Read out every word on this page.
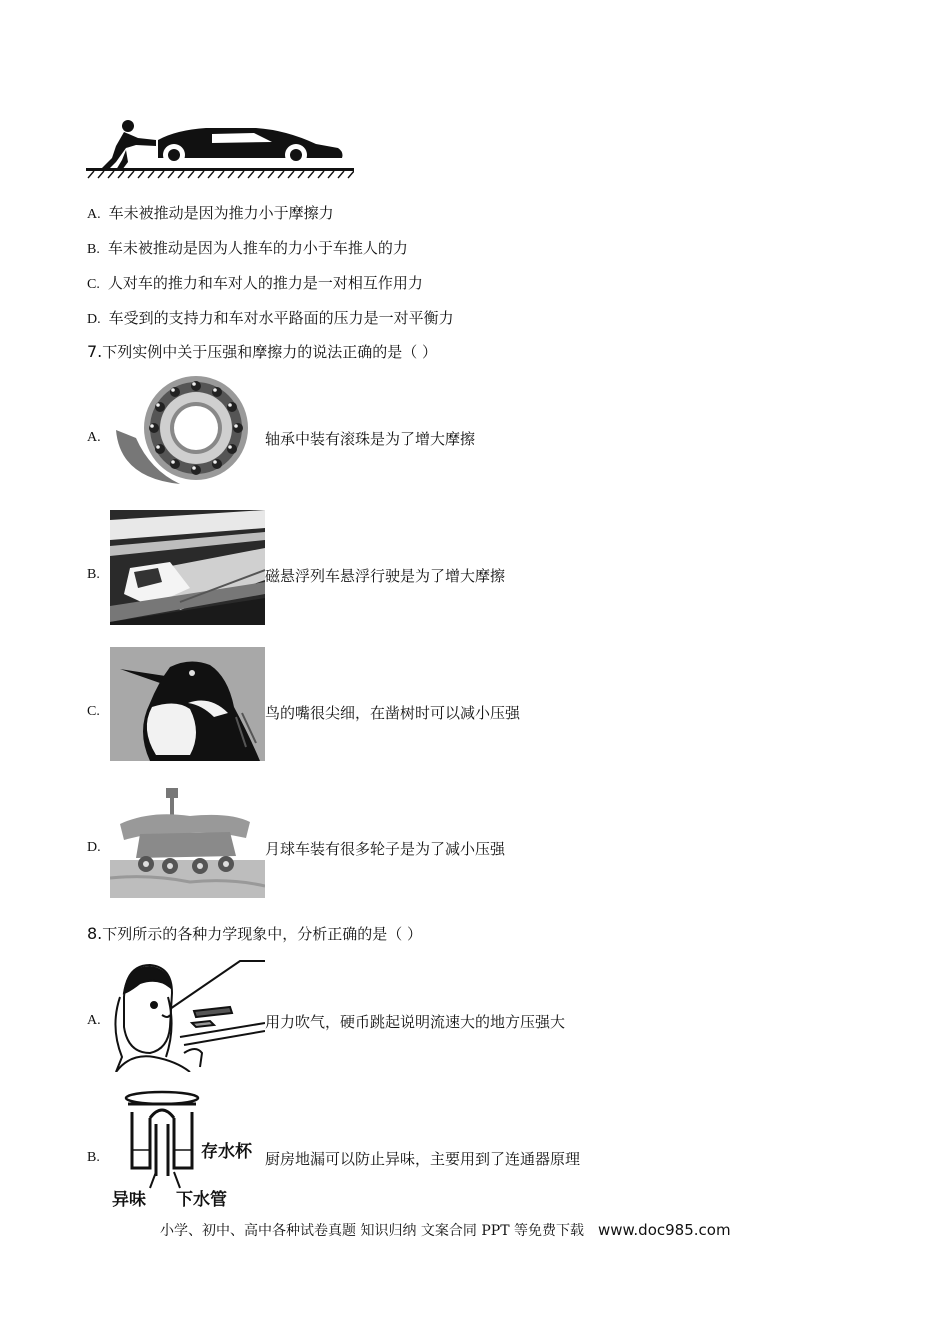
A. 车未被推动是因为推力小于摩擦力
B. 车未被推动是因为人推车的力小于车推人的力
C. 人对车的推力和车对人的推力是一对相互作用力
D. 车受到的支持力和车对水平路面的压力是一对平衡力
7.下列实例中关于压强和摩擦力的说法正确的是（ ）
A.	轴承中装有滚珠是为了增大摩擦
B.	磁悬浮列车悬浮行驶是为了增大摩擦
C.	鸟的嘴很尖细，在凿树时可以减小压强
D.	月球车装有很多轮子是为了减小压强
8.下列所示的各种力学现象中，分析正确的是（ ）
A.	用力吹气，硬币跳起说明流速大的地方压强大
B.	存水杯
异味 下水管
厨房地漏可以防止异味，主要用到了连通器原理
小学、初中、高中各种试卷真题 知识归纳 文案合同 PPT 等免费下载 www.doc985.com
